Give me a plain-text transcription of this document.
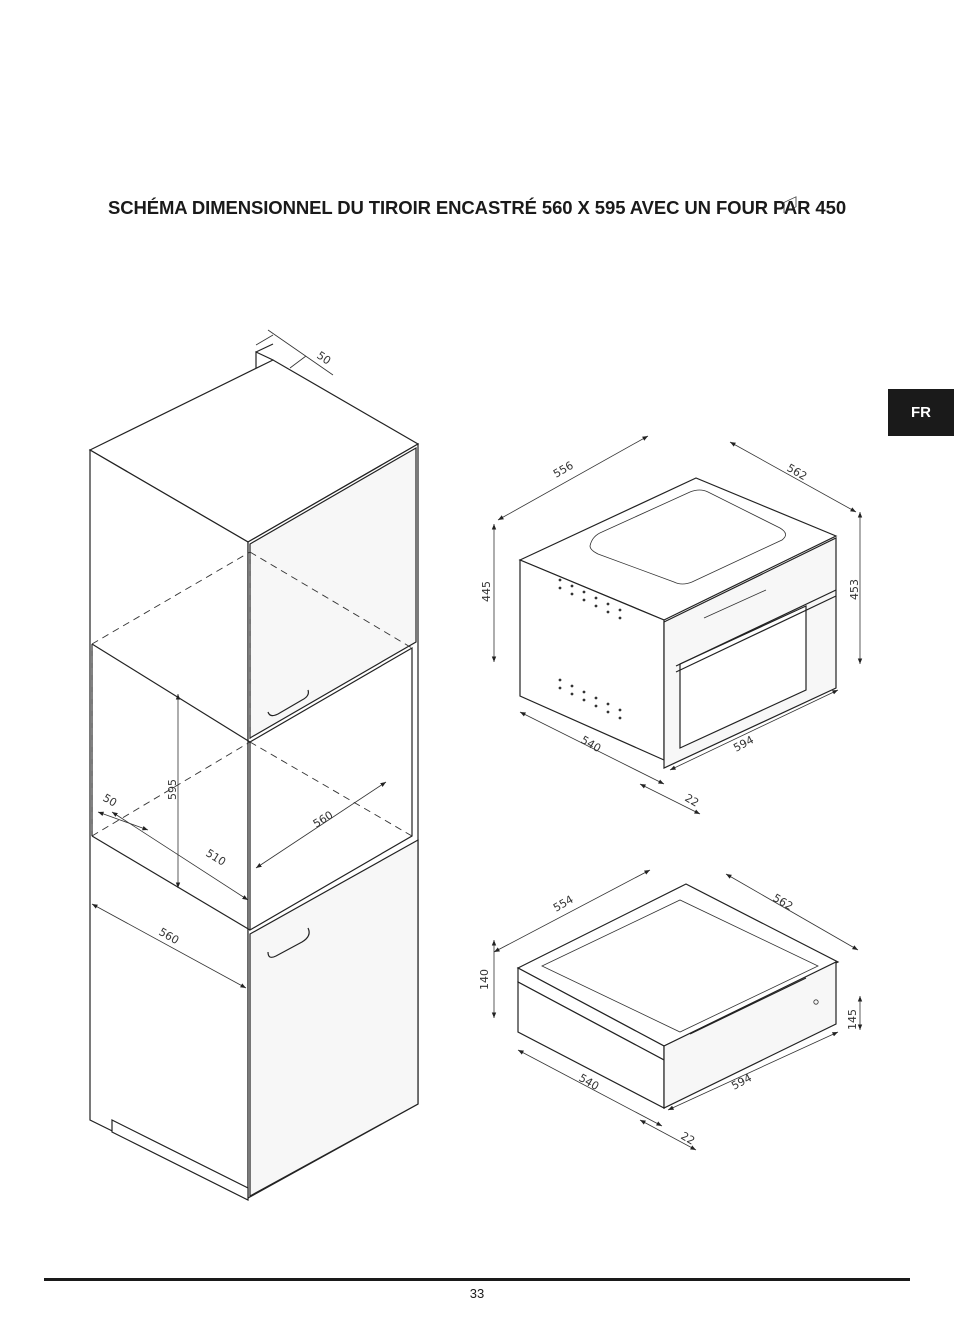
SCHÉMA DIMENSIONNEL DU TIROIR ENCASTRÉ 560 X 595 AVEC UN FOUR PAR 450
FR
50
595
50
510
560
560
556	562
445	453
540	594
22
554	562
140
145
540	594
22
33
